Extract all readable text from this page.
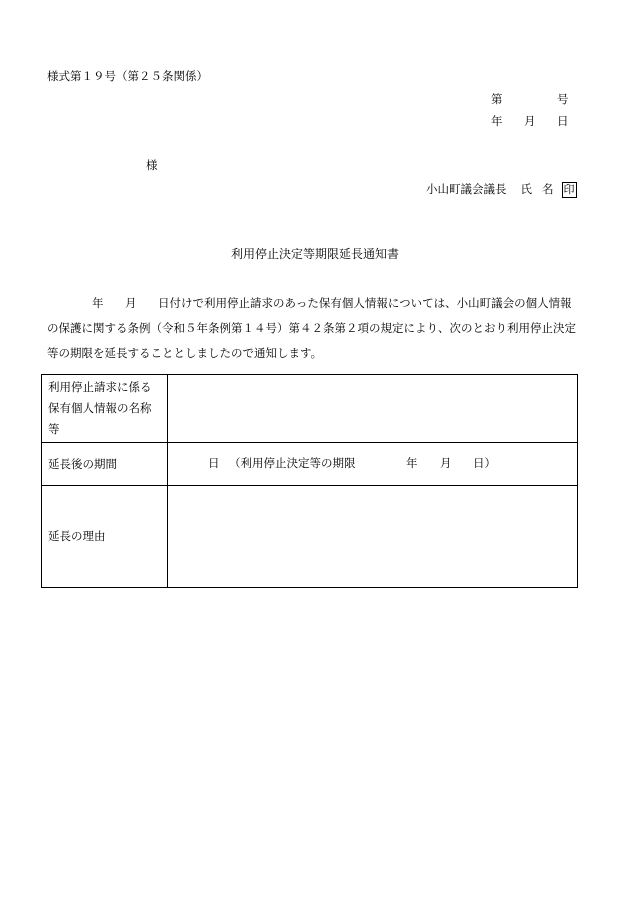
様式第１９号（第２５条関係）
第	号
年 月 日
様
小山町議会議長 氏 名 印
利用停止決定等期限延長通知書
年 月 日付けで利用停止請求のあった保有個人情報については、小山町議会の個人情報
の保護に関する条例（令和５年条例第１４号）第４２条第２項の規定により、次のとおり利用停止決定
等の期限を延長することとしましたので通知します。
利用停止請求に係る
保有個人情報の名称
等	

延長後の期間	日 （利用停止決定等の期限 年 月 日）

延長の理由	
